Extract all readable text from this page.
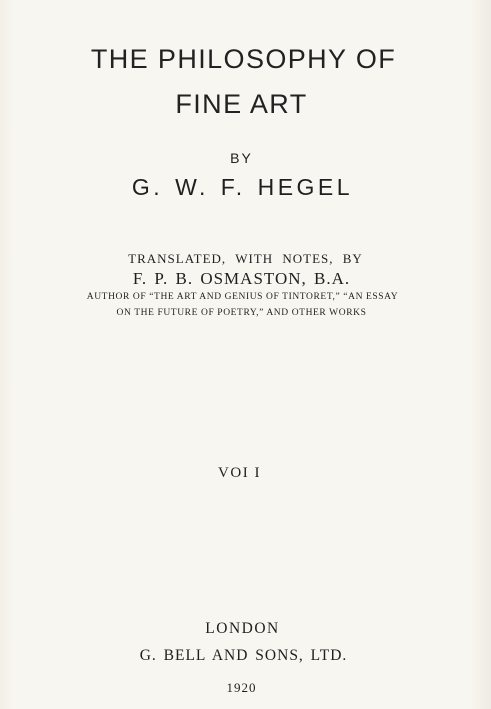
THE PHILOSOPHY OF
FINE ART
BY
G. W. F. HEGEL
TRANSLATED, WITH NOTES, BY
F. P. B. OSMASTON, B.A.
AUTHOR OF “THE ART AND GENIUS OF TINTORET,” “AN ESSAY
ON THE FUTURE OF POETRY,” AND OTHER WORKS
VOI I
LONDON
G. BELL AND SONS, LTD.
1920
